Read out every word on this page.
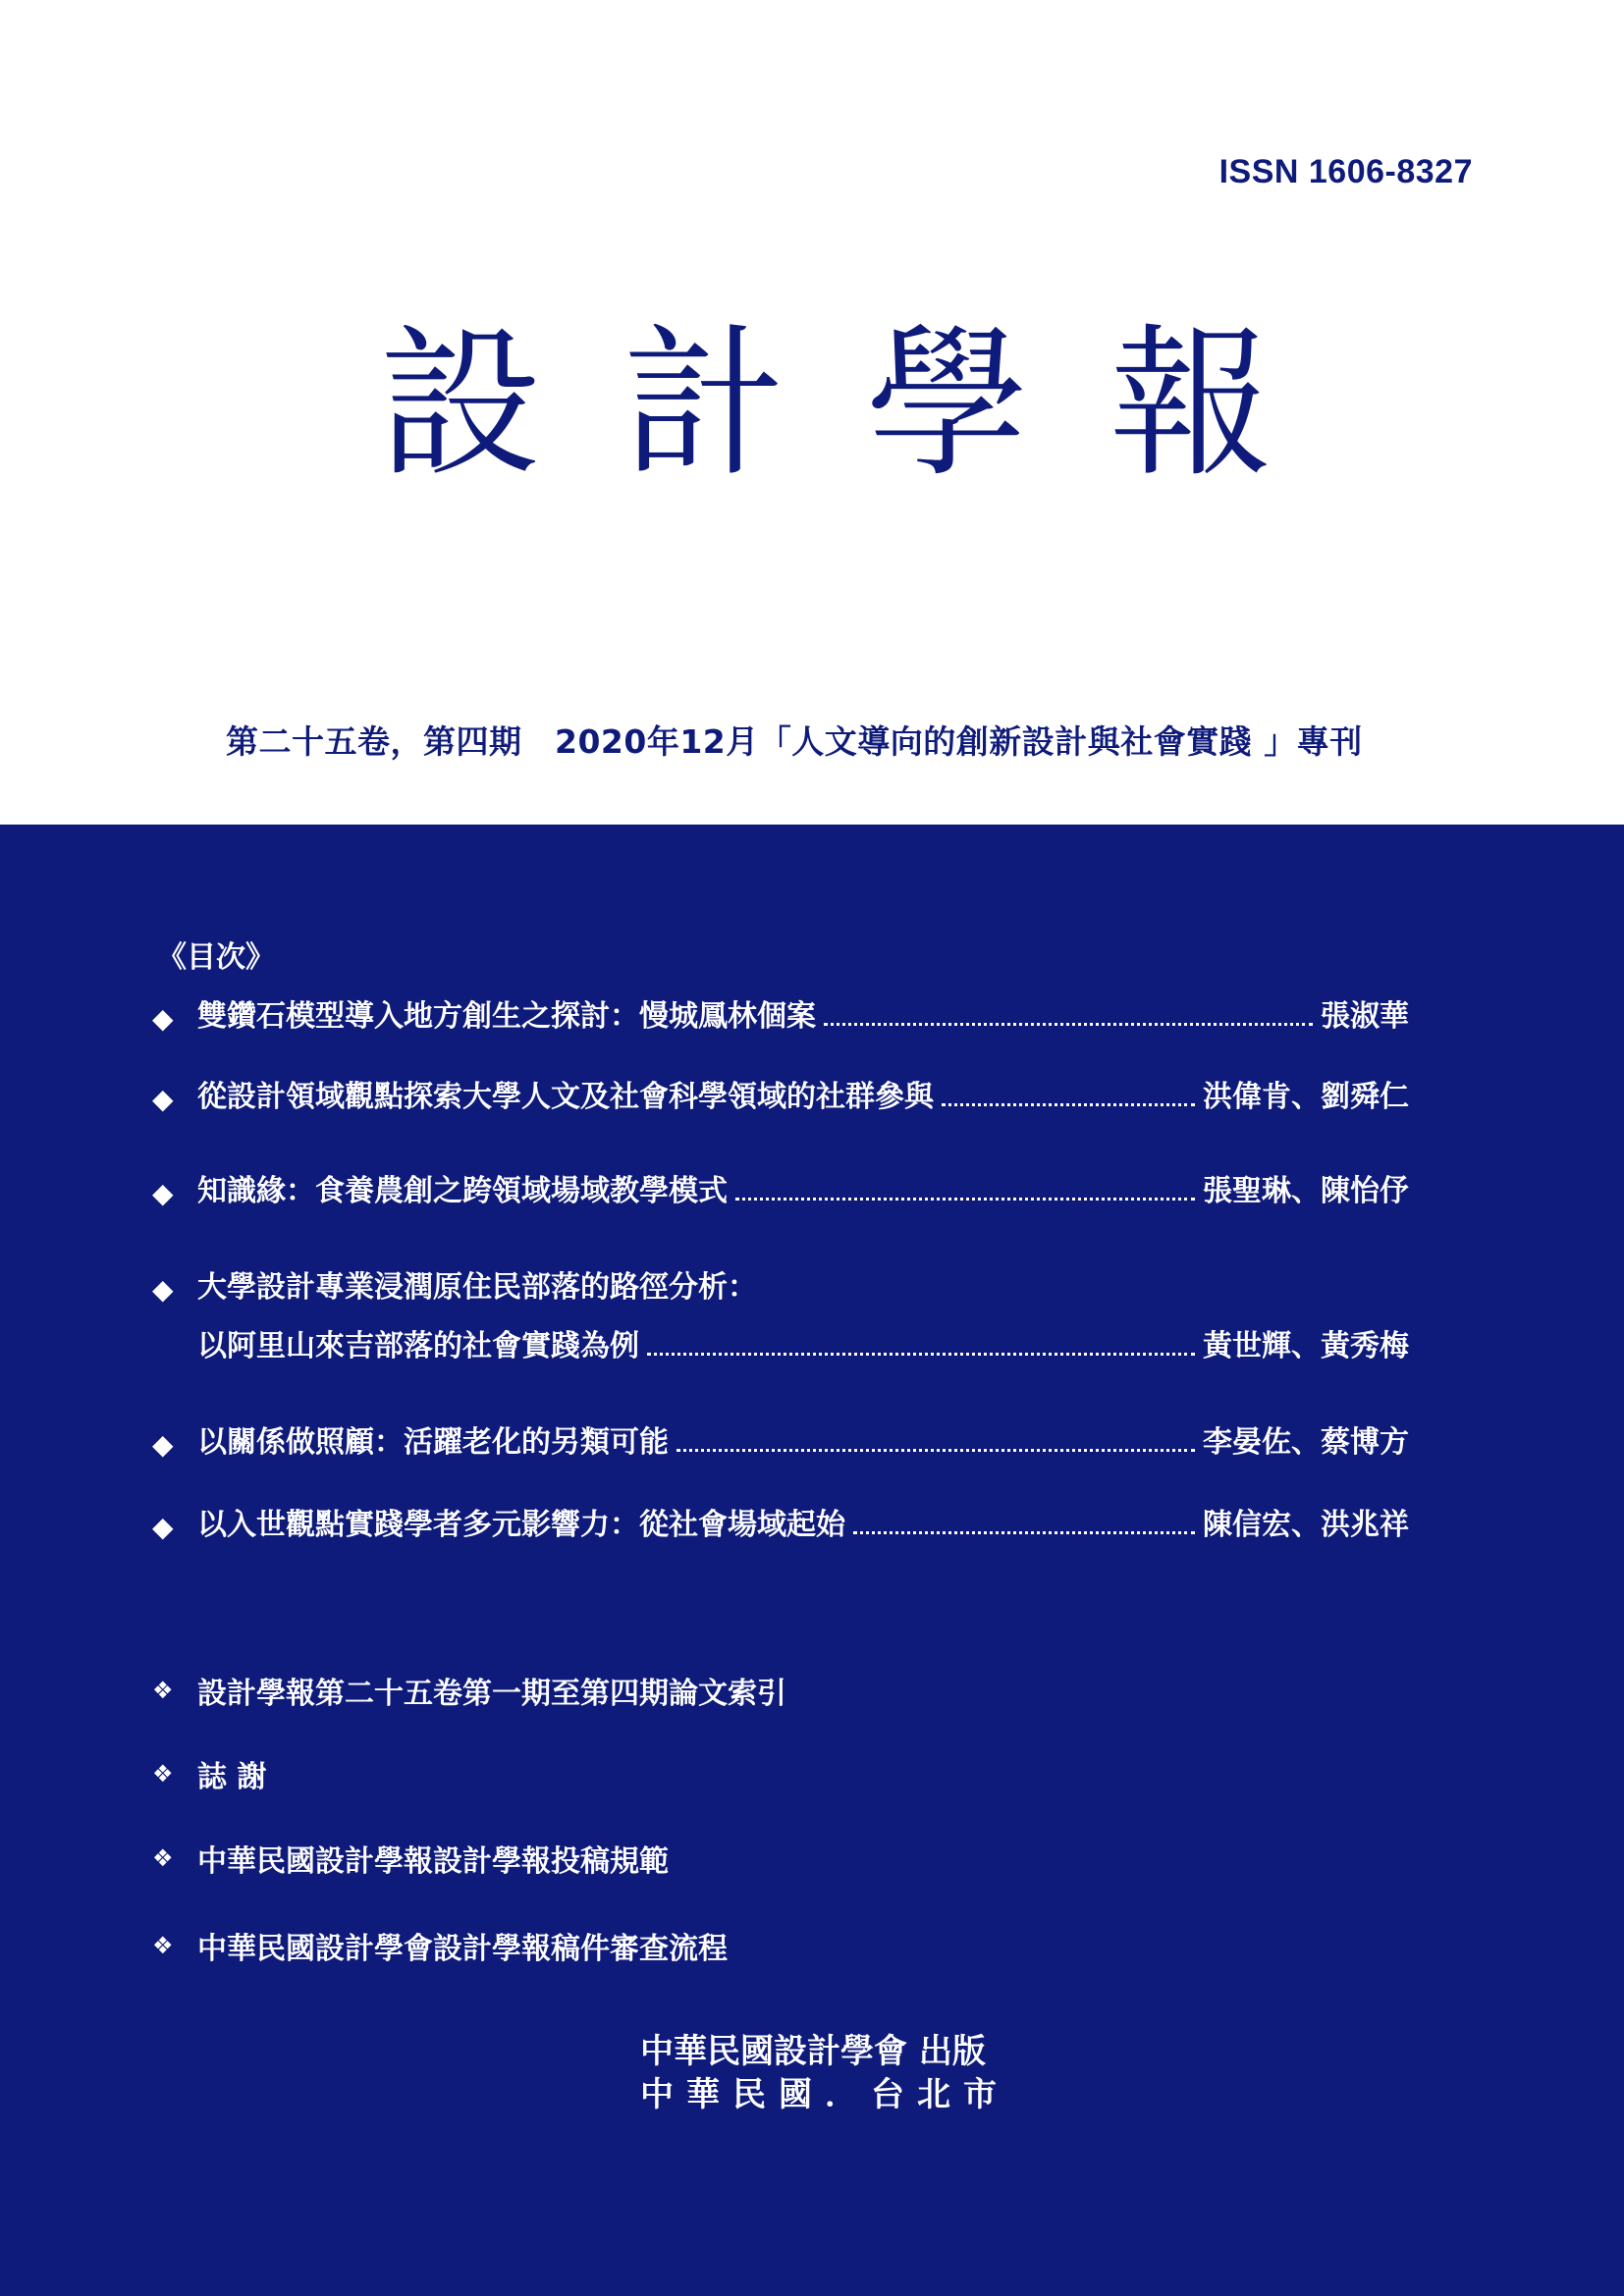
ISSN 1606-8327
設 計 學 報
第二十五卷，第四期　2020年12月「人文導向的創新設計與社會實踐 」專刊
《目次》
◆ 雙鑽石模型導入地方創生之探討：慢城鳳林個案	張淑華
◆ 從設計領域觀點探索大學人文及社會科學領域的社群參與	洪偉肯、劉舜仁
◆ 知識緣：食養農創之跨領域場域教學模式	張聖琳、陳怡伃
◆ 大學設計專業浸潤原住民部落的路徑分析：
以阿里山來吉部落的社會實踐為例	黃世輝、黃秀梅
◆ 以關係做照顧：活躍老化的另類可能	李晏佐、蔡博方
◆ 以入世觀點實踐學者多元影響力：從社會場域起始	陳信宏、洪兆祥
❖ 設計學報第二十五卷第一期至第四期論文索引
❖ 誌 謝
❖ 中華民國設計學報設計學報投稿規範
❖ 中華民國設計學會設計學報稿件審查流程
中華民國設計學會 出版
中華民國．台北市
